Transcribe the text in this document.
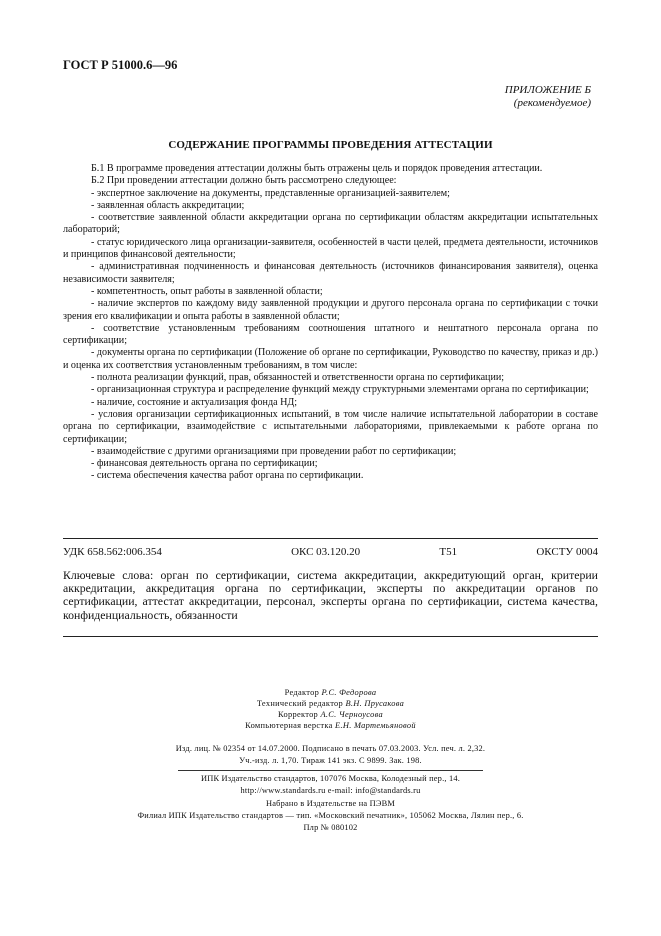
ГОСТ Р 51000.6—96
ПРИЛОЖЕНИЕ Б
(рекомендуемое)
СОДЕРЖАНИЕ ПРОГРАММЫ ПРОВЕДЕНИЯ АТТЕСТАЦИИ

Б.1 В программе проведения аттестации должны быть отражены цель и порядок проведения аттестации.

Б.2 При проведении аттестации должно быть рассмотрено следующее:

- экспертное заключение на документы, представленные организацией-заявителем;

- заявленная область аккредитации;

- соответствие заявленной области аккредитации органа по сертификации областям аккредитации испытательных лабораторий;

- статус юридического лица организации-заявителя, особенностей в части целей, предмета деятельности, источников и принципов финансовой деятельности;

- административная подчиненность и финансовая деятельность (источников финансирования заявителя), оценка независимости заявителя;

- компетентность, опыт работы в заявленной области;

- наличие экспертов по каждому виду заявленной продукции и другого персонала органа по сертификации с точки зрения его квалификации и опыта работы в заявленной области;

- соответствие установленным требованиям соотношения штатного и нештатного персонала органа по сертификации;

- документы органа по сертификации (Положение об органе по сертификации, Руководство по качеству, приказ и др.) и оценка их соответствия установленным требованиям, в том числе:

- полнота реализации функций, прав, обязанностей и ответственности органа по сертификации;

- организационная структура и распределение функций между структурными элементами органа по сертификации;

- наличие, состояние и актуализация фонда НД;

- условия организации сертификационных испытаний, в том числе наличие испытательной лаборатории в составе органа по сертификации, взаимодействие с испытательными лабораториями, привлекаемыми к работе органа по сертификации;

- взаимодействие с другими организациями при проведении работ по сертификации;

- финансовая деятельность органа по сертификации;

- система обеспечения качества работ органа по сертификации.

УДК 658.562:006.354	ОКС 03.120.20	Т51	ОКСТУ 0004
Ключевые слова: орган по сертификации, система аккредитации, аккредитующий орган, критерии аккредитации, аккредитация органа по сертификации, эксперты по аккредитации органов по сертификации, аттестат аккредитации, персонал, эксперты органа по сертификации, система качества, конфиденциальность, обязанности
Редактор Р.С. Федорова
Технический редактор В.Н. Прусакова
Корректор А.С. Черноусова
Компьютерная верстка Е.Н. Мартемьяновой
Изд. лиц. № 02354 от 14.07.2000. Подписано в печать 07.03.2003. Усл. печ. л. 2,32.
Уч.-изд. л. 1,70. Тираж 141 экз. С 9899. Зак. 198.
ИПК Издательство стандартов, 107076 Москва, Колодезный пер., 14.
http://www.standards.ru e-mail: info@standards.ru
Набрано в Издательстве на ПЭВМ
Филиал ИПК Издательство стандартов — тип. «Московский печатник», 105062 Москва, Лялин пер., 6.
Плр № 080102
